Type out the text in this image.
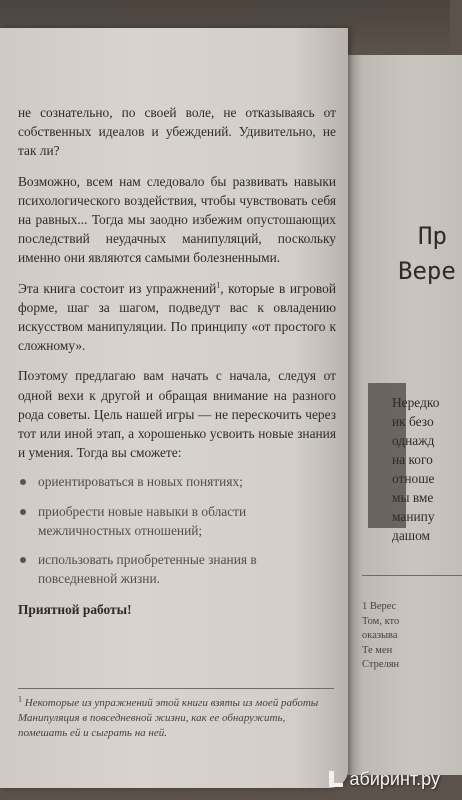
Пр
Вере
Нередко
ик безо
однажд
на кого
отноше
мы вме
манипу
дашом
1 Вереc
Том, кто
оказыва
Те мен
Стрелян

не сознательно, по своей воле, не отказываясь от собственных идеалов и убеждений. Удивительно, не так ли?

Возможно, всем нам следовало бы развивать навыки психологического воздействия, чтобы чувствовать себя на равных... Тогда мы заодно избежим опустошающих последствий неудачных манипуляций, поскольку именно они являются самыми болезненными.

Эта книга состоит из упражнений$^1$, которые в игровой форме, шаг за шагом, подведут вас к овладению искусством манипуляции. По принципу «от простого к сложному».

Поэтому предлагаю вам начать с начала, следуя от одной вехи к другой и обращая внимание на разного рода советы. Цель нашей игры — не перескочить через тот или иной этап, а хорошенько усвоить новые знания и умения. Тогда вы сможете:

ориентироваться в новых понятиях;
приобрести новые навыки в области межличностных отношений;
использовать приобретенные знания в повседневной жизни.

Приятной работы!

$^1$ Некоторые из упражнений этой книги взяты из моей работы Манипуляция в повседневной жизни, как ее обнаружить, помешать ей и сыграть на ней.
абиринт.ру
